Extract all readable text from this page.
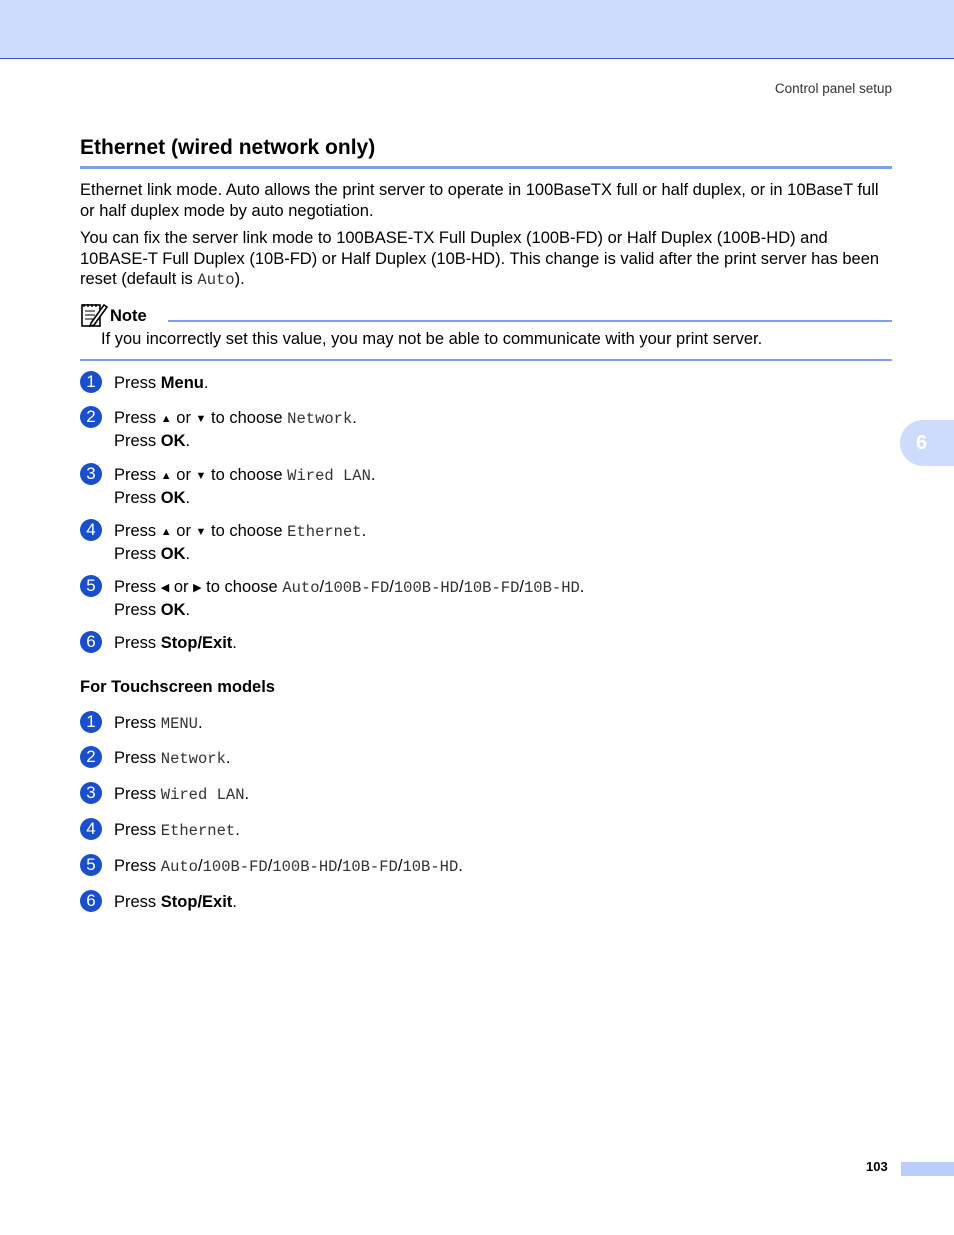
Control panel setup
Ethernet (wired network only)

Ethernet link mode. Auto allows the print server to operate in 100BaseTX full or half duplex, or in 10BaseT full or half duplex mode by auto negotiation.

You can fix the server link mode to 100BASE-TX Full Duplex (100B-FD) or Half Duplex (100B-HD) and 10BASE-T Full Duplex (10B-FD) or Half Duplex (10B-HD). This change is valid after the print server has been reset (default is Auto).

Note
If you incorrectly set this value, you may not be able to communicate with your print server.
1	Press Menu.
2	Press ▲ or ▼ to choose Network.
Press OK.
3	Press ▲ or ▼ to choose Wired LAN.
Press OK.
4	Press ▲ or ▼ to choose Ethernet.
Press OK.
5	Press ◀ or ▶ to choose Auto/100B-FD/100B-HD/10B-FD/10B-HD.
Press OK.
6	Press Stop/Exit.
For Touchscreen models
1	Press MENU.
2	Press Network.
3	Press Wired LAN.
4	Press Ethernet.
5	Press Auto/100B-FD/100B-HD/10B-FD/10B-HD.
6	Press Stop/Exit.
6
103
